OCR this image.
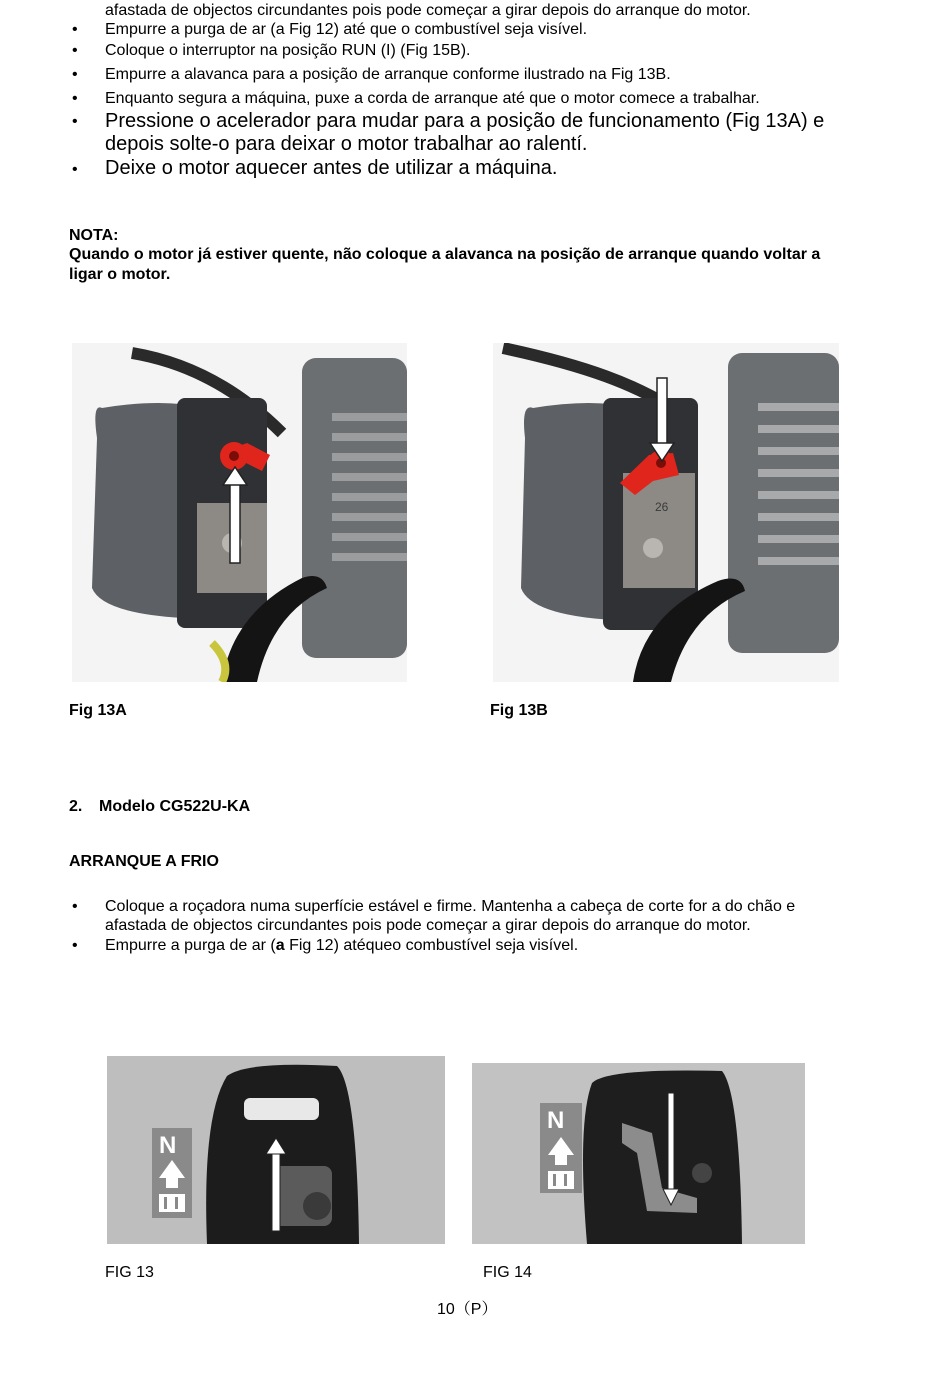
afastada de objectos circundantes pois pode começar a girar depois do arranque do motor.
• Empurre a purga de ar (a Fig 12) até que o combustível seja visível.
• Coloque o interruptor na posição RUN (I) (Fig 15B).
• Empurre a alavanca para a posição de arranque conforme ilustrado na Fig 13B.
• Enquanto segura a máquina, puxe a corda de arranque até que o motor comece a trabalhar.
• Pressione o acelerador para mudar para a posição de funcionamento (Fig 13A) e
depois solte-o para deixar o motor trabalhar ao ralentí.
• Deixe o motor aquecer antes de utilizar a máquina.
NOTA:
Quando o motor já estiver quente, não coloque a alavanca na posição de arranque quando voltar a
ligar o motor.
26
Fig 13A	Fig 13B
2. Modelo CG522U-KA
ARRANQUE A FRIO
• Coloque a roçadora numa superfície estável e firme. Mantenha a cabeça de corte for a do chão e
afastada de objectos circundantes pois pode começar a girar depois do arranque do motor.
• Empurre a purga de ar (a Fig 12) atéqueo combustível seja visível.
N
N
FIG 13	FIG 14
10（P）
